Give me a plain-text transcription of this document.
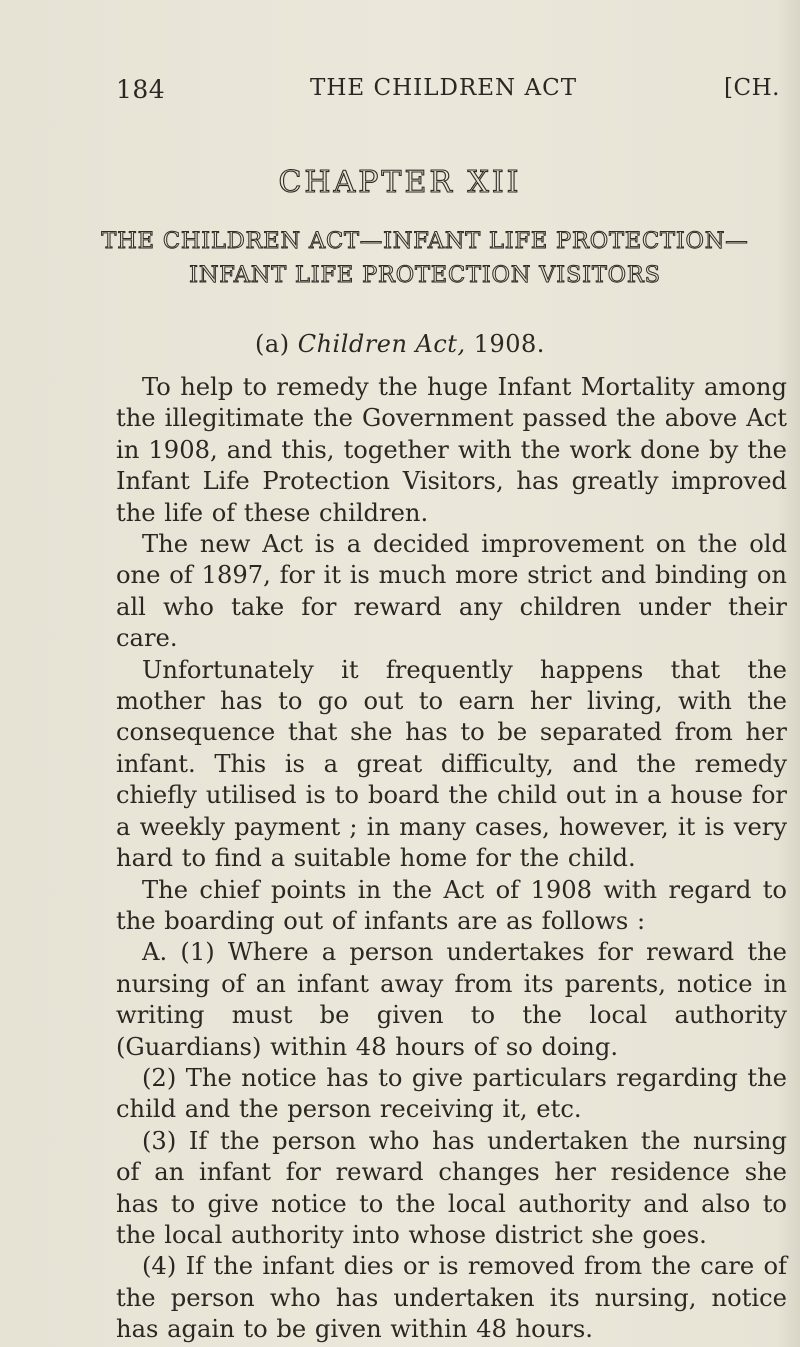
184	THE CHILDREN ACT	[CH.
CHAPTER XII
THE CHILDREN ACT—INFANT LIFE PROTECTION— INFANT LIFE PROTECTION VISITORS
(a) Children Act, 1908.

To help to remedy the huge Infant Mortality among the illegitimate the Government passed the above Act in 1908, and this, together with the work done by the Infant Life Protection Visitors, has greatly improved the life of these children.

The new Act is a decided improvement on the old one of 1897, for it is much more strict and binding on all who take for reward any children under their care.

Unfortunately it frequently happens that the mother has to go out to earn her living, with the consequence that she has to be separated from her infant. This is a great difficulty, and the remedy chiefly utilised is to board the child out in a house for a weekly payment ; in many cases, however, it is very hard to find a suitable home for the child.

The chief points in the Act of 1908 with regard to the boarding out of infants are as follows :

A. (1) Where a person undertakes for reward the nursing of an infant away from its parents, notice in writing must be given to the local authority (Guardians) within 48 hours of so doing.

(2) The notice has to give particulars regarding the child and the person receiving it, etc.

(3) If the person who has undertaken the nursing of an infant for reward changes her residence she has to give notice to the local authority and also to the local authority into whose district she goes.

(4) If the infant dies or is removed from the care of the person who has undertaken its nursing, notice has again to be given within 48 hours.
